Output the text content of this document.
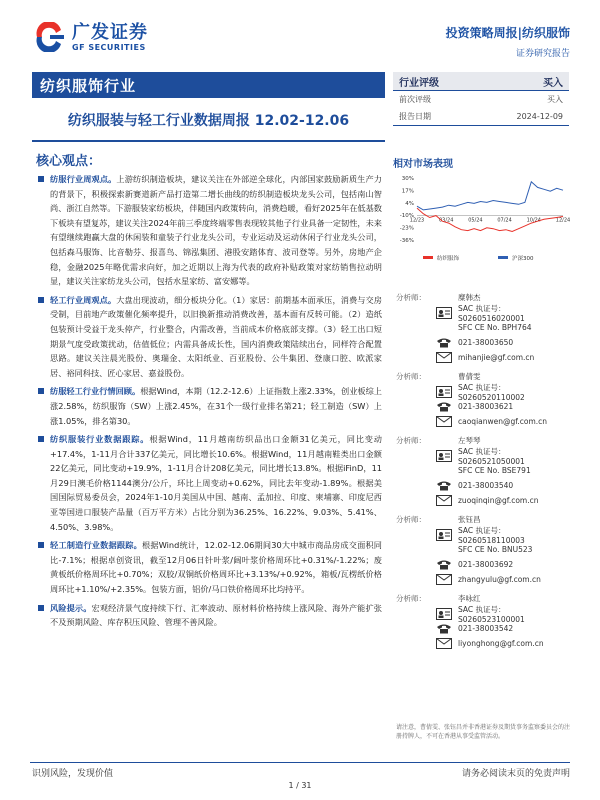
广发证券
GF SECURITIES
投资策略周报|纺织服饰
证券研究报告
纺织服饰行业
纺织服装与轻工行业数据周报 12.02-12.06
行业评级	买入
前次评级	买入
报告日期	2024-12-09
核心观点：
纺服行业周观点。上游纺织制造板块，建议关注在外部逆全球化，内部国家鼓励新质生产力的背景下，积极探索新赛道新产品打造第二增长曲线的纺织制造板块龙头公司，包括南山智尚、浙江自然等。下游服装家纺板块，伴随国内政策转向，消费趋暖，看好2025年在低基数下板块有望复苏，建议关注2024年前三季度终端零售表现较其他子行业具备一定韧性，未来有望继续跑赢大盘的休闲装和童装子行业龙头公司，专业运动及运动休闲子行业龙头公司，包括森马服饰、比音勒芬、报喜鸟、锦泓集团、港股安踏体育、波司登等。另外，房地产企稳，金融2025年略优需求向好，加之近期以上海为代表的政府补贴政策对家纺销售拉动明显，建议关注家纺龙头公司，包括水星家纺、富安娜等。
轻工行业周观点。大盘出现波动，细分板块分化。（1）家居：前期基本面承压，消费与交房受制，目前地产政策催化频率提升，以旧换新推动消费改善，基本面有反转可能。（2）造纸包装预计受益于龙头停产，行业整合，内需改善，当前成本价格底部支撑。（3）轻工出口短期景气度受政策扰动，估值低位；内需具备成长性，国内消费政策陆续出台，同样符合配置思路。建议关注晨光股份、奥瑞金、太阳纸业、百亚股份、公牛集团、登康口腔、欧派家居、裕同科技、匠心家居、嘉益股份。
纺服轻工行业行情回顾。根据Wind，本期（12.2-12.6）上证指数上涨2.33%，创业板综上涨2.58%，纺织服饰（SW）上涨2.45%，在31个一级行业排名第21；轻工制造（SW）上涨1.05%，排名第30。
纺织服装行业数据跟踪。根据Wind，11月越南纺织品出口金额31亿美元，同比变动+17.4%，1-11月合计337亿美元，同比增长10.6%。根据Wind，11月越南鞋类出口金额22亿美元，同比变动+19.9%，1-11月合计208亿美元，同比增长13.8%。根据iFinD，11月29日澳毛价格1144澳分/公斤，环比上周变动+0.62%，同比去年变动-1.89%。根据美国国际贸易委员会，2024年1-10月美国从中国、越南、孟加拉、印度、柬埔寨、印度尼西亚等国进口服装产品量（百万平方米）占比分别为36.25%、16.22%、9.03%、5.41%、4.50%、3.98%。
轻工制造行业数据跟踪。根据Wind统计，12.02-12.06期间30大中城市商品房成交面积同比-7.1%；根据卓创资讯，截至12月06日针叶浆/阔叶浆价格周环比+0.31%/-1.22%；废黄板纸价格周环比+0.70%；双胶/双铜纸价格周环比+3.13%/+0.92%，箱板/瓦楞纸价格周环比+1.10%/+2.35%。包装方面，铝价/马口铁价格周环比均持平。
风险提示。宏观经济景气度持续下行、汇率波动、原材料价格持续上涨风险、海外产能扩张不及预期风险、库存积压风险、管理不善风险。
相对市场表现
30%
17%
4%
-10%
-23%
-36%
12/23	03/24	05/24	07/24	10/24	12/24
纺织服饰	沪深300
分析师：	糜韩杰
SAC 执证号：S0260516020001
SFC CE No. BPH764
021-38003650
mihanjie@gf.com.cn
分析师：	曹倩雯
SAC 执证号：S0260520110002
021-38003621
caoqianwen@gf.com.cn
分析师：	左琴琴
SAC 执证号：S0260521050001
SFC CE No. BSE791
021-38003540
zuoqinqin@gf.com.cn
分析师：	张钰昌
SAC 执证号：S0260518110003
SFC CE No. BNU523
021-38003692
zhangyulu@gf.com.cn
分析师：	李咏红
SAC 执证号：S0260523100001
021-38003542
liyonghong@gf.com.cn
请注意，曹倩雯、张钰昌并非香港证券及期货事务监察委员会的注册持牌人，不可在香港从事受监管活动。
识别风险，发现价值	请务必阅读末页的免责声明
1 / 31
